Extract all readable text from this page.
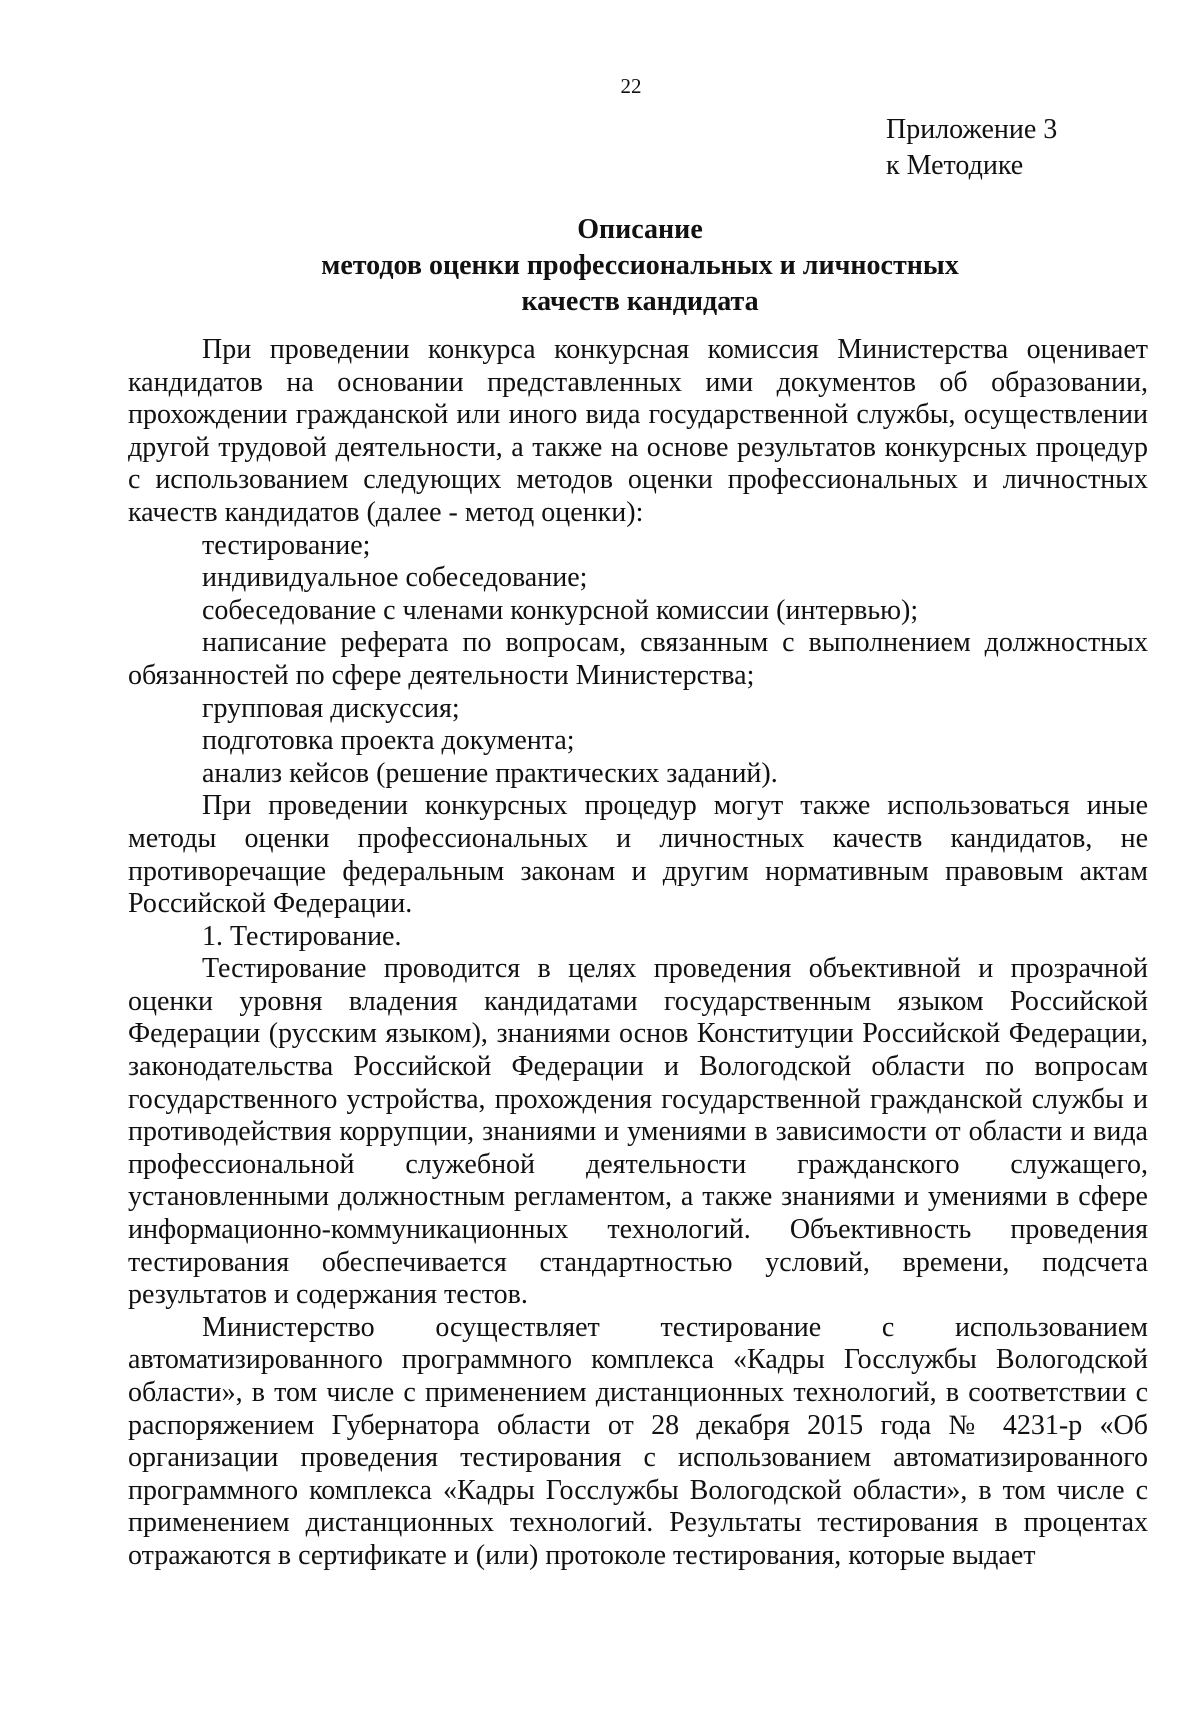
22
Приложение 3
к Методике
Описание
методов оценки профессиональных и личностных
качеств кандидата

При проведении конкурса конкурсная комиссия Министерства оценивает кандидатов на основании представленных ими документов об образовании, прохождении гражданской или иного вида государственной службы, осуществлении другой трудовой деятельности, а также на основе результатов конкурсных процедур с использованием следующих методов оценки профессиональных и личностных качеств кандидатов (далее - метод оценки):

тестирование;

индивидуальное собеседование;

собеседование с членами конкурсной комиссии (интервью);

написание реферата по вопросам, связанным с выполнением должностных обязанностей по сфере деятельности Министерства;

групповая дискуссия;

подготовка проекта документа;

анализ кейсов (решение практических заданий).

При проведении конкурсных процедур могут также использоваться иные методы оценки профессиональных и личностных качеств кандидатов, не противоречащие федеральным законам и другим нормативным правовым актам Российской Федерации.

1. Тестирование.

Тестирование проводится в целях проведения объективной и прозрачной оценки уровня владения кандидатами государственным языком Российской Федерации (русским языком), знаниями основ Конституции Российской Федерации, законодательства Российской Федерации и Вологодской области по вопросам государственного устройства, прохождения государственной гражданской службы и противодействия коррупции, знаниями и умениями в зависимости от области и вида профессиональной служебной деятельности гражданского служащего, установленными должностным регламентом, а также знаниями и умениями в сфере информационно-коммуникационных технологий. Объективность проведения тестирования обеспечивается стандартностью условий, времени, подсчета результатов и содержания тестов.

Министерство осуществляет тестирование с использованием автоматизированного программного комплекса «Кадры Госслужбы Вологодской области», в том числе с применением дистанционных технологий, в соответствии с распоряжением Губернатора области от 28 декабря 2015 года № 4231-р «Об организации проведения тестирования с использованием автоматизированного программного комплекса «Кадры Госслужбы Вологодской области», в том числе с применением дистанционных технологий. Результаты тестирования в процентах отражаются в сертификате и (или) протоколе тестирования, которые выдает
